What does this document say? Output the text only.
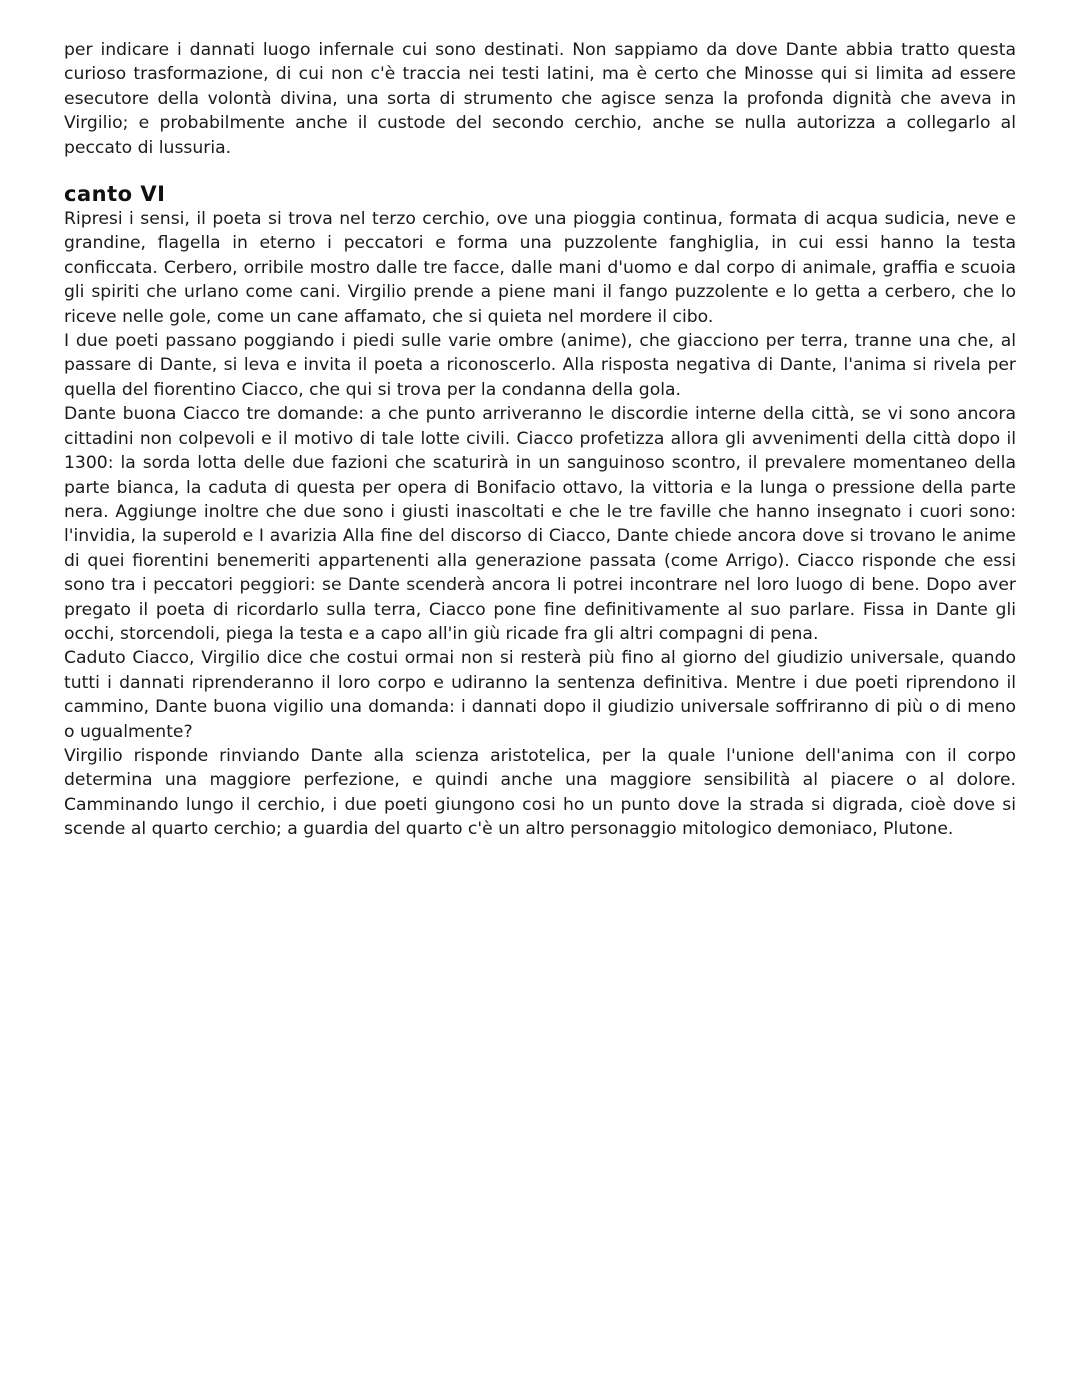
per indicare i dannati luogo infernale cui sono destinati. Non sappiamo da dove Dante abbia tratto questa curioso trasformazione, di cui non c'è traccia nei testi latini, ma è certo che Minosse qui si limita ad essere esecutore della volontà divina, una sorta di strumento che agisce senza la profonda dignità che aveva in Virgilio; e probabilmente anche il custode del secondo cerchio, anche se nulla autorizza a collegarlo al peccato di lussuria.

canto VI

Ripresi i sensi, il poeta si trova nel terzo cerchio, ove una pioggia continua, formata di acqua sudicia, neve e grandine, flagella in eterno i peccatori e forma una puzzolente fanghiglia, in cui essi hanno la testa conficcata. Cerbero, orribile mostro dalle tre facce, dalle mani d'uomo e dal corpo di animale, graffia e scuoia gli spiriti che urlano come cani. Virgilio prende a piene mani il fango puzzolente e lo getta a cerbero, che lo riceve nelle gole, come un cane affamato, che si quieta nel mordere il cibo.

I due poeti passano poggiando i piedi sulle varie ombre (anime), che giacciono per terra, tranne una che, al passare di Dante, si leva e invita il poeta a riconoscerlo. Alla risposta negativa di Dante, l'anima si rivela per quella del fiorentino Ciacco, che qui si trova per la condanna della gola.

Dante buona Ciacco tre domande: a che punto arriveranno le discordie interne della città, se vi sono ancora cittadini non colpevoli e il motivo di tale lotte civili. Ciacco profetizza allora gli avvenimenti della città dopo il 1300: la sorda lotta delle due fazioni che scaturirà in un sanguinoso scontro, il prevalere momentaneo della parte bianca, la caduta di questa per opera di Bonifacio ottavo, la vittoria e la lunga o pressione della parte nera. Aggiunge inoltre che due sono i giusti inascoltati e che le tre faville che hanno insegnato i cuori sono: l'invidia, la superold e I avarizia Alla fine del discorso di Ciacco, Dante chiede ancora dove si trovano le anime di quei fiorentini benemeriti appartenenti alla generazione passata (come Arrigo). Ciacco risponde che essi sono tra i peccatori peggiori: se Dante scenderà ancora li potrei incontrare nel loro luogo di bene. Dopo aver pregato il poeta di ricordarlo sulla terra, Ciacco pone fine definitivamente al suo parlare. Fissa in Dante gli occhi, storcendoli, piega la testa e a capo all'in giù ricade fra gli altri compagni di pena.

Caduto Ciacco, Virgilio dice che costui ormai non si resterà più fino al giorno del giudizio universale, quando tutti i dannati riprenderanno il loro corpo e udiranno la sentenza definitiva. Mentre i due poeti riprendono il cammino, Dante buona vigilio una domanda: i dannati dopo il giudizio universale soffriranno di più o di meno o ugualmente?

Virgilio risponde rinviando Dante alla scienza aristotelica, per la quale l'unione dell'anima con il corpo determina una maggiore perfezione, e quindi anche una maggiore sensibilità al piacere o al dolore. Camminando lungo il cerchio, i due poeti giungono cosi ho un punto dove la strada si digrada, cioè dove si scende al quarto cerchio; a guardia del quarto c'è un altro personaggio mitologico demoniaco, Plutone.
